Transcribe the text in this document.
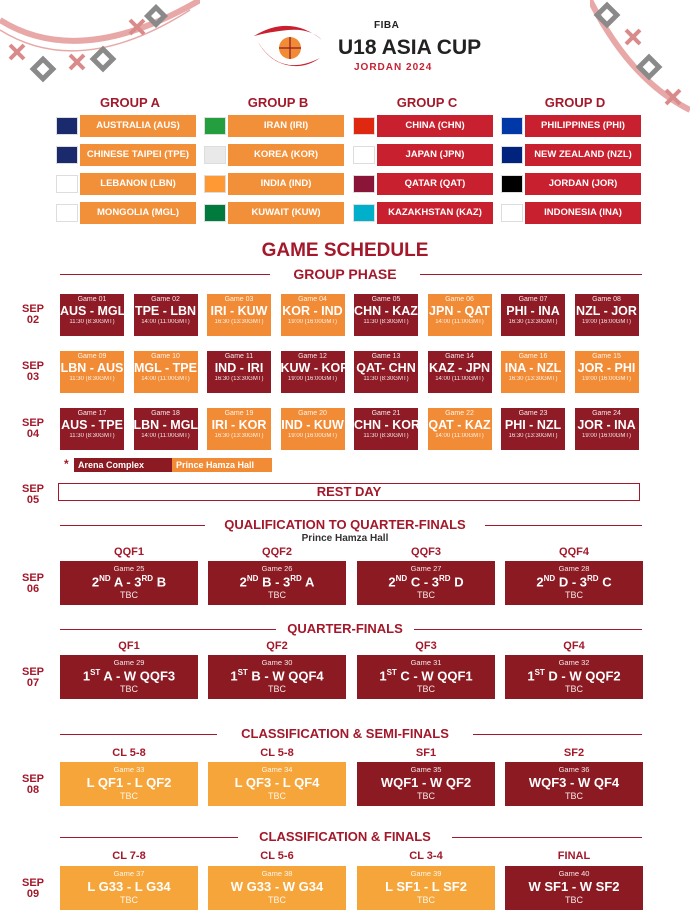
FIBA
U18 ASIA CUP
JORDAN 2024
GROUP A
AUSTRALIA (AUS)
CHINESE TAIPEI (TPE)
LEBANON (LBN)
MONGOLIA (MGL)
GROUP B
IRAN (IRI)
KOREA (KOR)
INDIA (IND)
KUWAIT (KUW)
GROUP C
CHINA (CHN)
JAPAN (JPN)
QATAR (QAT)
KAZAKHSTAN (KAZ)
GROUP D
PHILIPPINES (PHI)
NEW ZEALAND (NZL)
JORDAN (JOR)
INDONESIA (INA)
GAME SCHEDULE
GROUP PHASE
SEP
02
Game 01
AUS - MGL
11:30 (8:30GMT)
Game 02
TPE - LBN
14:00 (11:00GMT)
Game 03
IRI - KUW
16:30 (13:30GMT)
Game 04
KOR - IND
19:00 (16:00GMT)
Game 05
CHN - KAZ
11:30 (8:30GMT)
Game 06
JPN - QAT
14:00 (11:00GMT)
Game 07
PHI - INA
16:30 (13:30GMT)
Game 08
NZL - JOR
19:00 (16:00GMT)
SEP
03
Game 09
LBN - AUS
11:30 (8:30GMT)
Game 10
MGL - TPE
14:00 (11:00GMT)
Game 11
IND - IRI
16:30 (13:30GMT)
Game 12
KUW - KOR
19:00 (16:00GMT)
Game 13
QAT- CHN
11:30 (8:30GMT)
Game 14
KAZ - JPN
14:00 (11:00GMT)
Game 16
INA - NZL
16:30 (13:30GMT)
Game 15
JOR - PHI
19:00 (16:00GMT)
SEP
04
Game 17
AUS - TPE
11:30 (8:30GMT)
Game 18
LBN - MGL
14:00 (11:00GMT)
Game 19
IRI - KOR
16:30 (13:30GMT)
Game 20
IND - KUW
19:00 (16:00GMT)
Game 21
CHN - KOR
11:30 (8:30GMT)
Game 22
QAT - KAZ
14:00 (11:00GMT)
Game 23
PHI - NZL
16:30 (13:30GMT)
Game 24
JOR - INA
19:00 (16:00GMT)
*	Arena Complex	Prince Hamza Hall
SEP
05
REST DAY
QUALIFICATION TO QUARTER-FINALS
Prince Hamza Hall
SEP
06
QQF1
Game 25
2ND A - 3RD B
TBC
QQF2
Game 26
2ND B - 3RD A
TBC
QQF3
Game 27
2ND C - 3RD D
TBC
QQF4
Game 28
2ND D - 3RD C
TBC
QUARTER-FINALS
SEP
07
QF1
Game 29
1ST A - W QQF3
TBC
QF2
Game 30
1ST B - W QQF4
TBC
QF3
Game 31
1ST C - W QQF1
TBC
QF4
Game 32
1ST D - W QQF2
TBC
CLASSIFICATION & SEMI-FINALS
SEP
08
CL 5-8
Game 33
L QF1 - L QF2
TBC
CL 5-8
Game 34
L QF3 - L QF4
TBC
SF1
Game 35
WQF1 - W QF2
TBC
SF2
Game 36
WQF3 - W QF4
TBC
CLASSIFICATION & FINALS
SEP
09
CL 7-8
Game 37
L G33 - L G34
TBC
CL 5-6
Game 38
W G33 - W G34
TBC
CL 3-4
Game 39
L SF1 - L SF2
TBC
FINAL
Game 40
W SF1 - W SF2
TBC
